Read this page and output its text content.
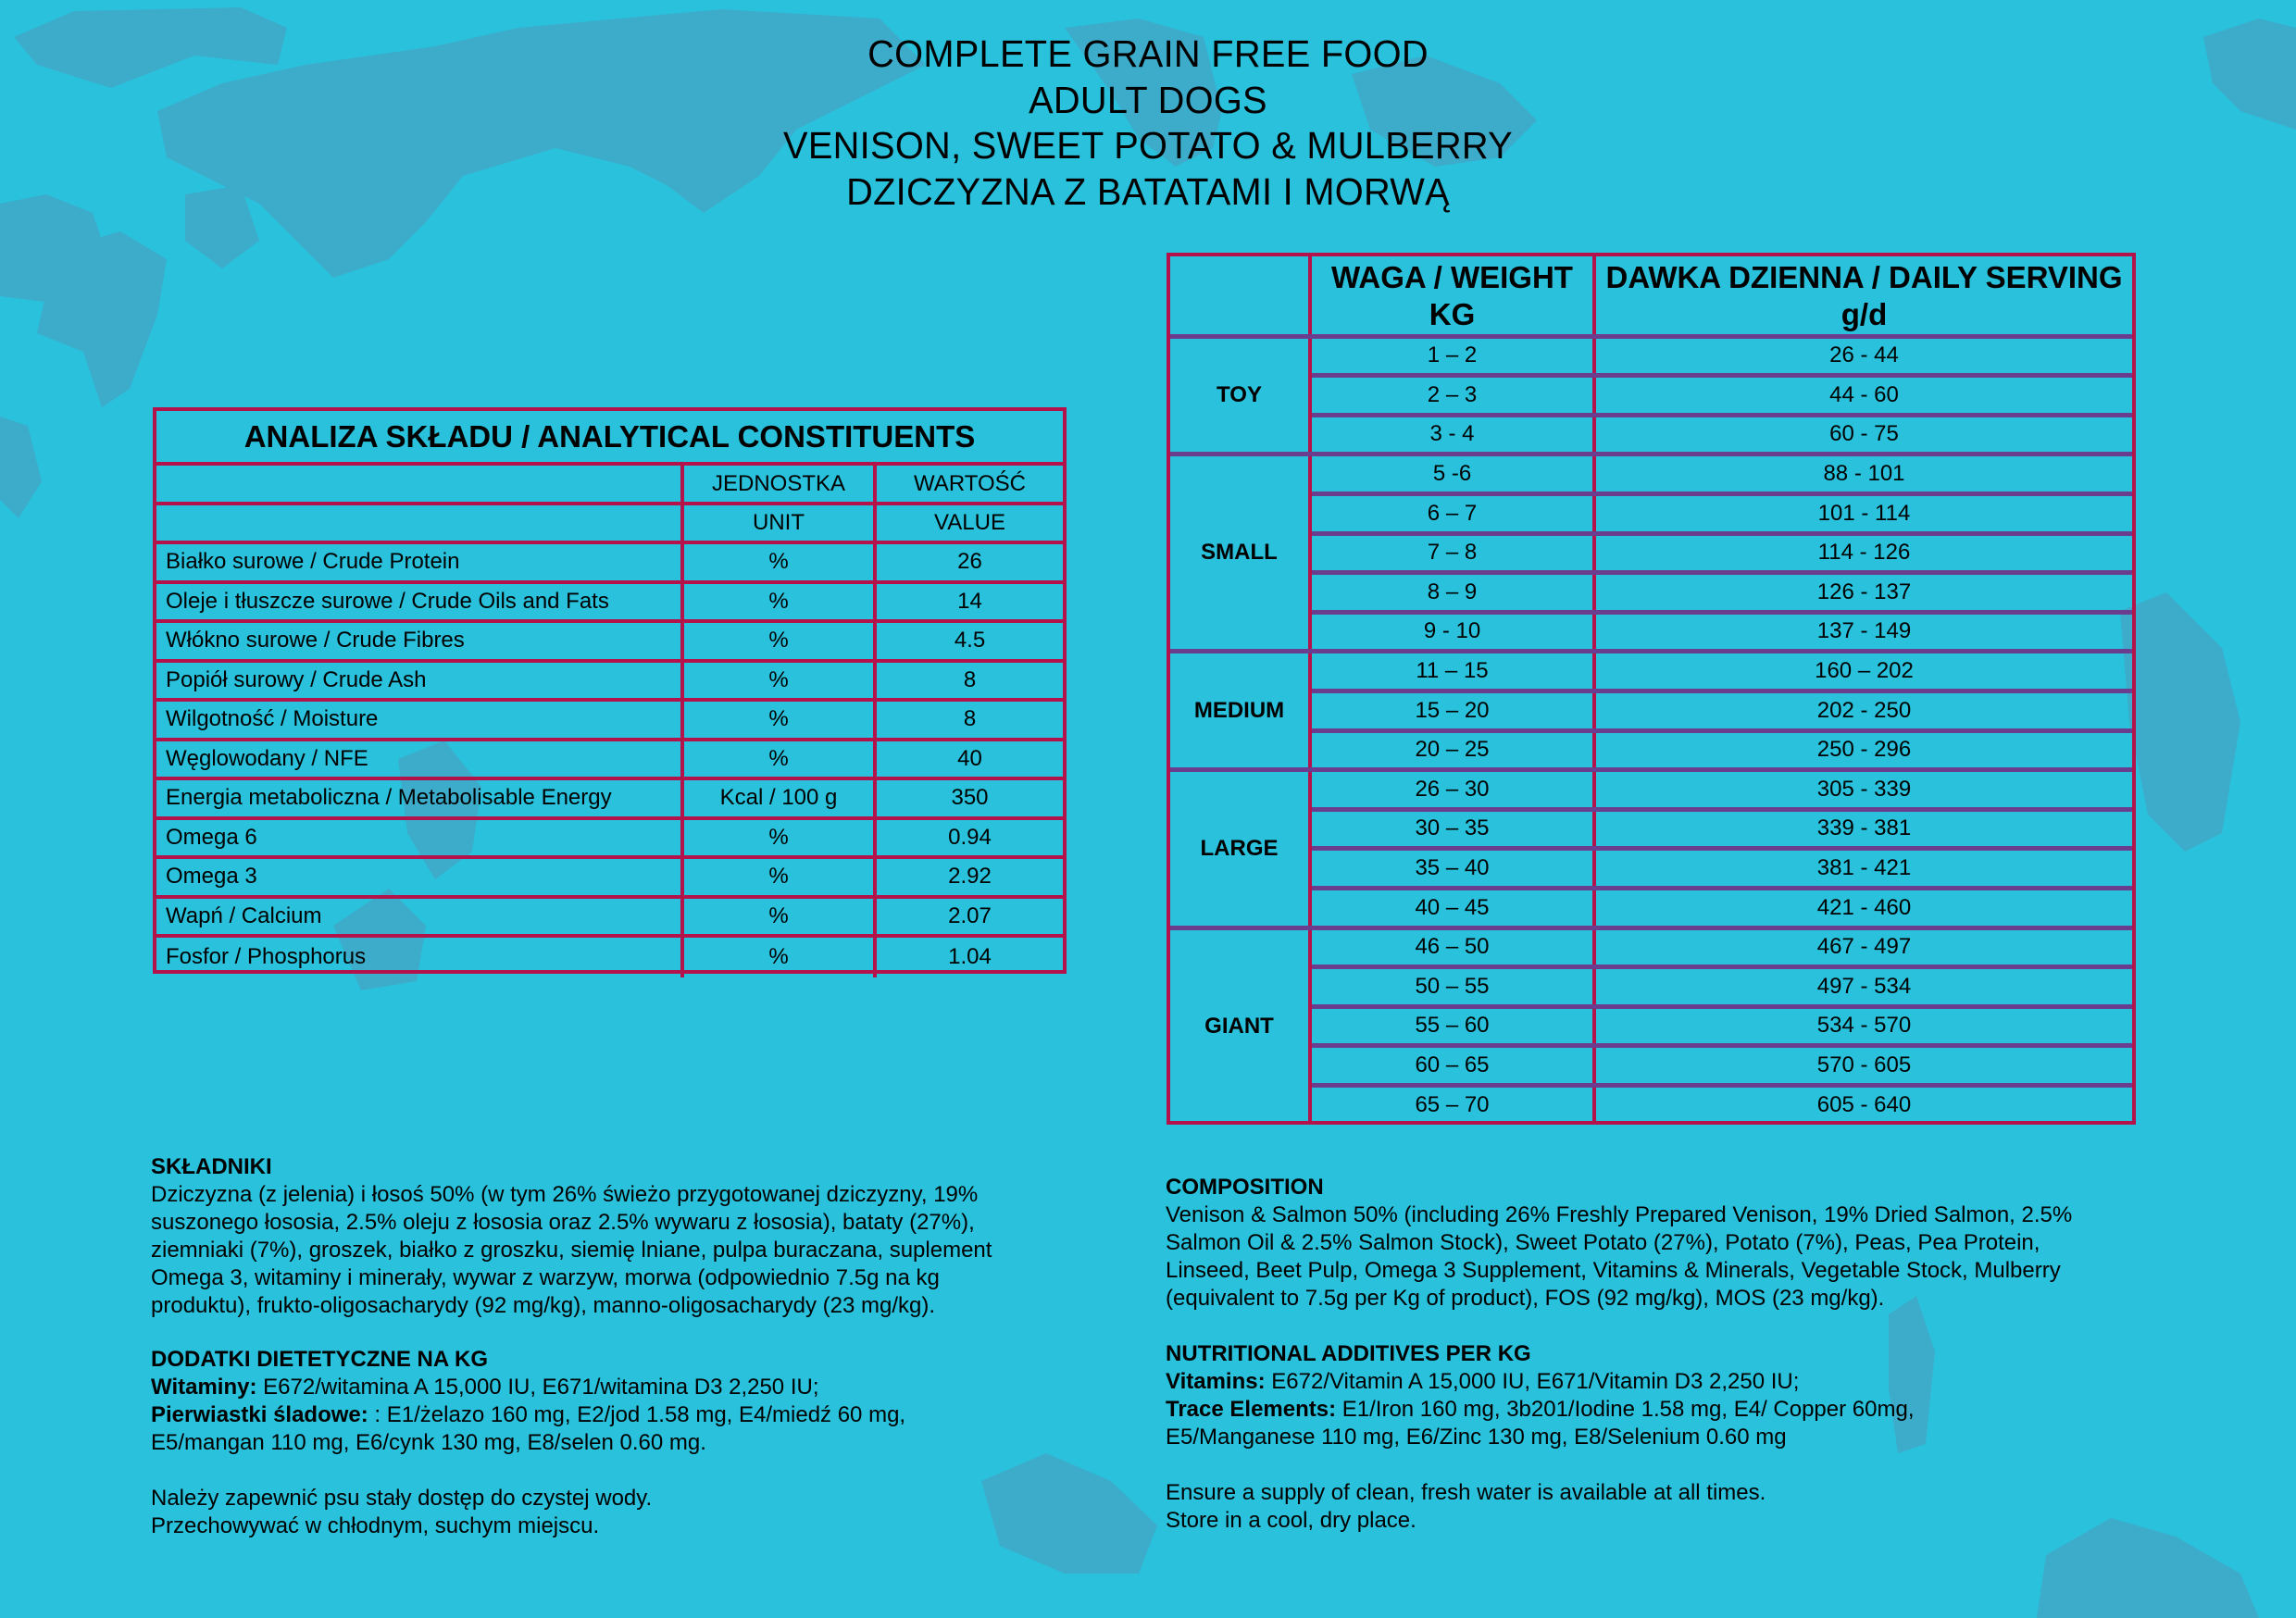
COMPLETE GRAIN FREE FOOD
ADULT DOGS
VENISON, SWEET POTATO & MULBERRY
DZICZYZNA Z BATATAMI I MORWĄ
ANALIZA SKŁADU / ANALYTICAL CONSTITUENTS
JEDNOSTKA	WARTOŚĆ
UNIT	VALUE
Białko surowe / Crude Protein	%	26
Oleje i tłuszcze surowe / Crude Oils and Fats	%	14
Włókno surowe / Crude Fibres	%	4.5
Popiół surowy / Crude Ash	%	8
Wilgotność / Moisture	%	8
Węglowodany / NFE	%	40
Energia metaboliczna / Metabolisable Energy	Kcal / 100 g	350
Omega 6	%	0.94
Omega 3	%	2.92
Wapń / Calcium	%	2.07
Fosfor / Phosphorus	%	1.04
WAGA / WEIGHT
KG
DAWKA DZIENNA / DAILY SERVING
g/d
TOY
1 – 2	26 - 44
2 – 3	44 - 60
3 - 4	60 - 75
SMALL
5 -6	88 - 101
6 – 7	101 - 114
7 – 8	114 - 126
8 – 9	126 - 137
9 - 10	137 - 149
MEDIUM
11 – 15	160 – 202
15 – 20	202 - 250
20 – 25	250 - 296
LARGE
26 – 30	305 - 339
30 – 35	339 - 381
35 – 40	381 - 421
40 – 45	421 - 460
GIANT
46 – 50	467 - 497
50 – 55	497 - 534
55 – 60	534 - 570
60 – 65	570 - 605
65 – 70	605 - 640
SKŁADNIKI
Dziczyzna (z jelenia) i łosoś 50% (w tym 26% świeżo przygotowanej dziczyzny, 19%
suszonego łososia, 2.5% oleju z łososia oraz 2.5% wywaru z łososia), bataty (27%),
ziemniaki (7%), groszek, białko z groszku, siemię lniane, pulpa buraczana, suplement
Omega 3, witaminy i minerały, wywar z warzyw, morwa (odpowiednio 7.5g na kg
produktu), frukto-oligosacharydy (92 mg/kg), manno-oligosacharydy (23 mg/kg).
DODATKI DIETETYCZNE NA KG
Witaminy: E672/witamina A 15,000 IU, E671/witamina D3 2,250 IU;
Pierwiastki śladowe: : E1/żelazo 160 mg, E2/jod 1.58 mg, E4/miedź 60 mg,
E5/mangan 110 mg, E6/cynk 130 mg, E8/selen 0.60 mg.
Należy zapewnić psu stały dostęp do czystej wody.
Przechowywać w chłodnym, suchym miejscu.
COMPOSITION
Venison & Salmon 50% (including 26% Freshly Prepared Venison, 19% Dried Salmon, 2.5%
Salmon Oil & 2.5% Salmon Stock), Sweet Potato (27%), Potato (7%), Peas, Pea Protein,
Linseed, Beet Pulp, Omega 3 Supplement, Vitamins & Minerals, Vegetable Stock, Mulberry
(equivalent to 7.5g per Kg of product), FOS (92 mg/kg), MOS (23 mg/kg).
NUTRITIONAL ADDITIVES PER KG
Vitamins: E672/Vitamin A 15,000 IU, E671/Vitamin D3 2,250 IU;
Trace Elements: E1/Iron 160 mg, 3b201/Iodine 1.58 mg, E4/ Copper 60mg,
E5/Manganese 110 mg, E6/Zinc 130 mg, E8/Selenium 0.60 mg
Ensure a supply of clean, fresh water is available at all times.
Store in a cool, dry place.
